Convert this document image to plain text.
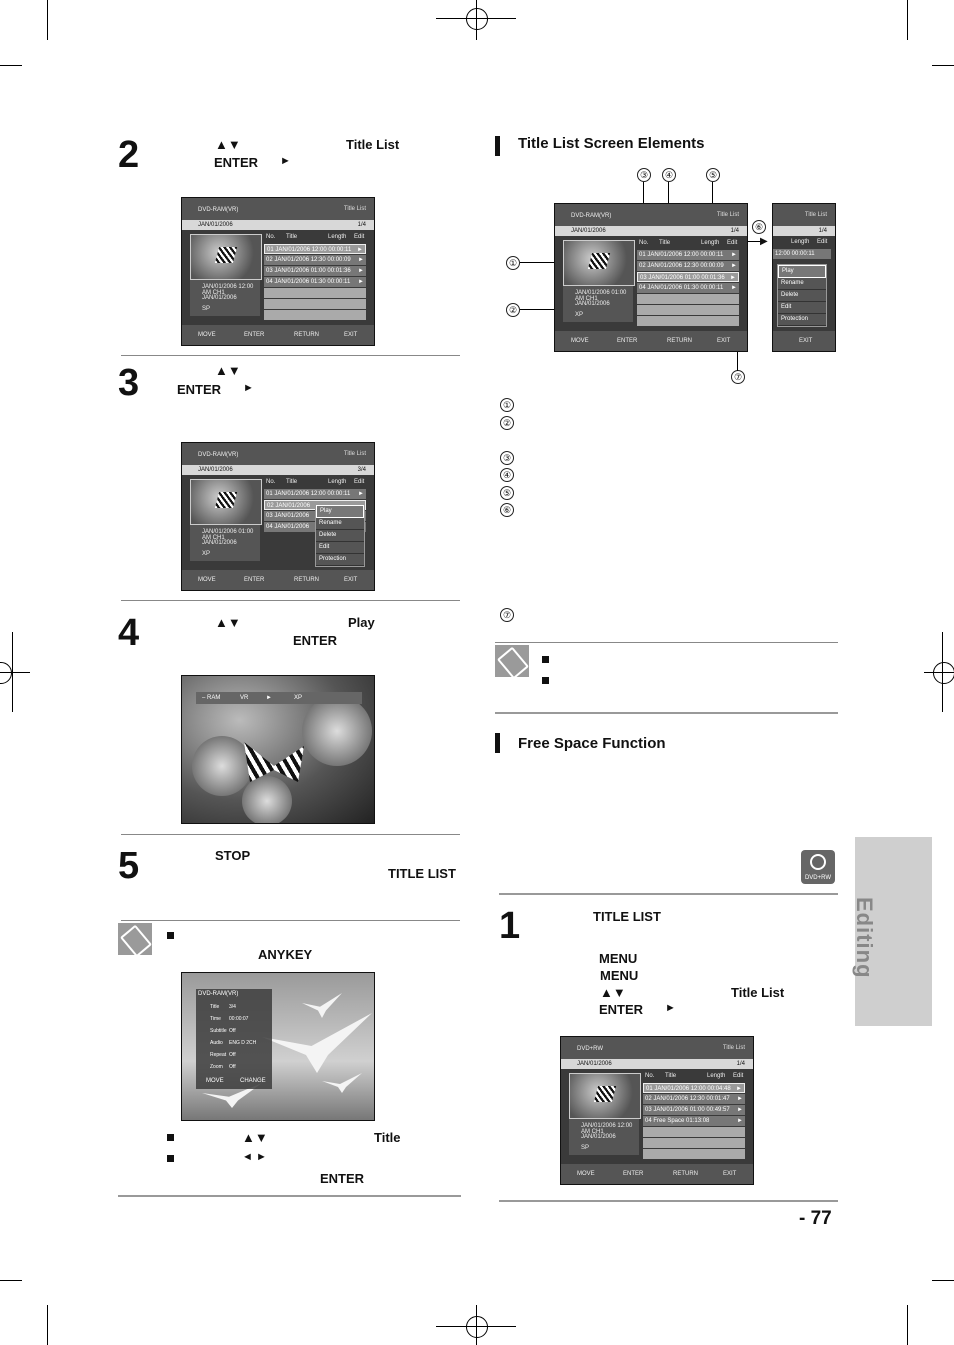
2	▲▼	Title List
ENTER ►
DVD-RAM(VR)	Title List
JAN/01/2006	1/4
JAN/01/2006 12:00 AM CH1
JAN/01/2006
SP
No. Title	Length Edit
01 JAN/01/2006 12:00 00:00:11 ►
02 JAN/01/2006 12:30 00:00:09 ►
03 JAN/01/2006 01:00 00:01:36 ►
04 JAN/01/2006 01:30 00:00:11 ►
MOVE	ENTER	RETURN	EXIT
3	▲▼
ENTER ►
DVD-RAM(VR)	Title List
JAN/01/2006	3/4
JAN/01/2006 01:00 AM CH1
JAN/01/2006
XP
No. Title	Length Edit
01 JAN/01/2006 12:00 00:00:11 ►
02 JAN/01/2006
03 JAN/01/2006
04 JAN/01/2006
Play
Rename
Delete
Edit
Protection
MOVE	ENTER	RETURN	EXIT
4	▲▼	Play
ENTER
– RAM	VR	►	XP
5	STOP
TITLE LIST
ANYKEY
DVD-RAM(VR)
Title 3/4
Time 00:00:07
Subtitle Off
Audio ENG D 2CH
Repeat Off
Zoom Off
MOVE	CHANGE
▲▼	Title
◄ ►
ENTER
Title List Screen Elements
③	④	⑤
①
②
⑥
⑦
▶
DVD-RAM(VR)	Title List
JAN/01/2006	1/4
JAN/01/2006 01:00 AM CH1
JAN/01/2006
XP
No. Title	Length Edit
01 JAN/01/2006 12:00 00:00:11 ►
02 JAN/01/2006 12:30 00:00:09 ►
03 JAN/01/2006 01:00 00:01:36 ►
04 JAN/01/2006 01:30 00:00:11 ►
MOVE	ENTER	RETURN	EXIT
Title List
1/4
Length Edit
12:00 00:00:11
Play
Rename
Delete
Edit
Protection
EXIT
①
②
③
④
⑤
⑥
⑦
Free Space Function
DVD+RW
1	TITLE LIST
MENU
MENU
▲▼	Title List
ENTER ►
DVD+RW	Title List
JAN/01/2006	1/4
JAN/01/2006 12:00 AM CH1
JAN/01/2006
SP
No. Title	Length Edit
01 JAN/01/2006 12:00 00:04:48 ►
02 JAN/01/2006 12:30 00:01:47 ►
03 JAN/01/2006 01:00 00:49:57 ►
04 Free Space 01:13:08	►
MOVE	ENTER	RETURN	EXIT
- 77
Editing
